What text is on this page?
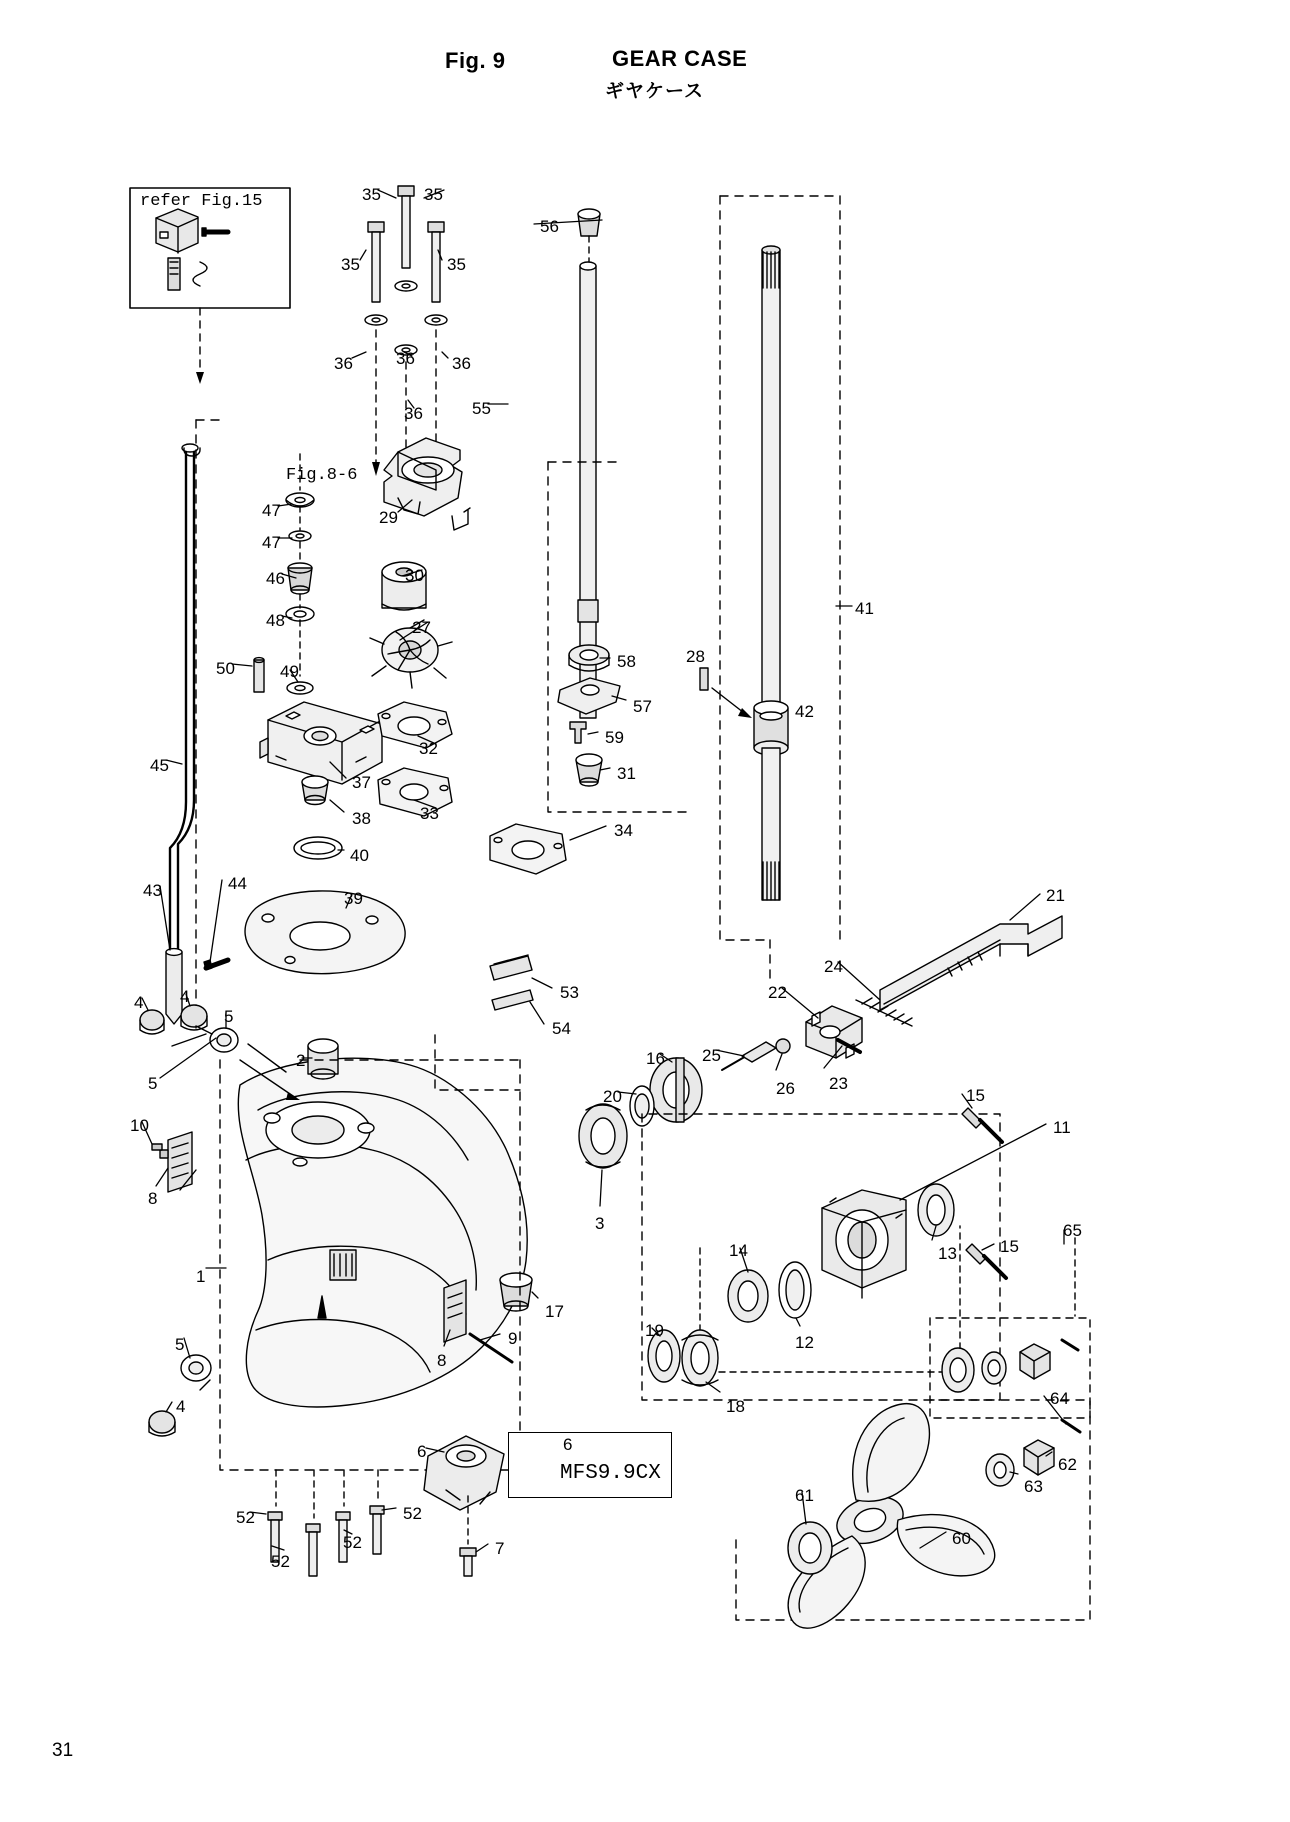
Fig. 9	GEAR CASE
ギヤケース
31
refer Fig.15
Fig.8-6
MFS9.9CX
35	35
35	35
56
36	36 36
36	55
41
47
47
46
48
50	49
29
30
27
58
57
59
31
28
42
32
33
34
45
37
38
40
43	44
39
53
54
21
24
22
25
26 23
16
20	15
11
13	15
65
14
12
3
4 4
5
5
10
8
1
2
17
9
8
5
4
19
18	64
62
63
61
60
6	6
7
52	52
52
52
